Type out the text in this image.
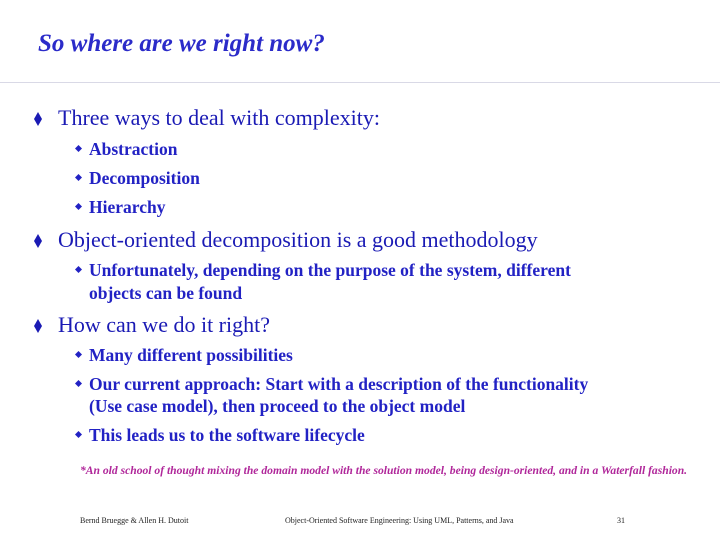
So where are we right now?
Three ways to deal with complexity:
Abstraction
Decomposition
Hierarchy
Object-oriented decomposition is a good methodology
Unfortunately, depending on the purpose of the system, different
objects can be found
How can we do it right?
Many different possibilities
Our current approach: Start with a description of the functionality
(Use case model), then proceed to the object model
This leads us to the software lifecycle
*An old school of thought mixing the domain model with the solution model, being design-oriented, and in a Waterfall fashion.
Bernd Bruegge & Allen H. Dutoit	Object-Oriented Software Engineering: Using UML, Patterns, and Java	31
